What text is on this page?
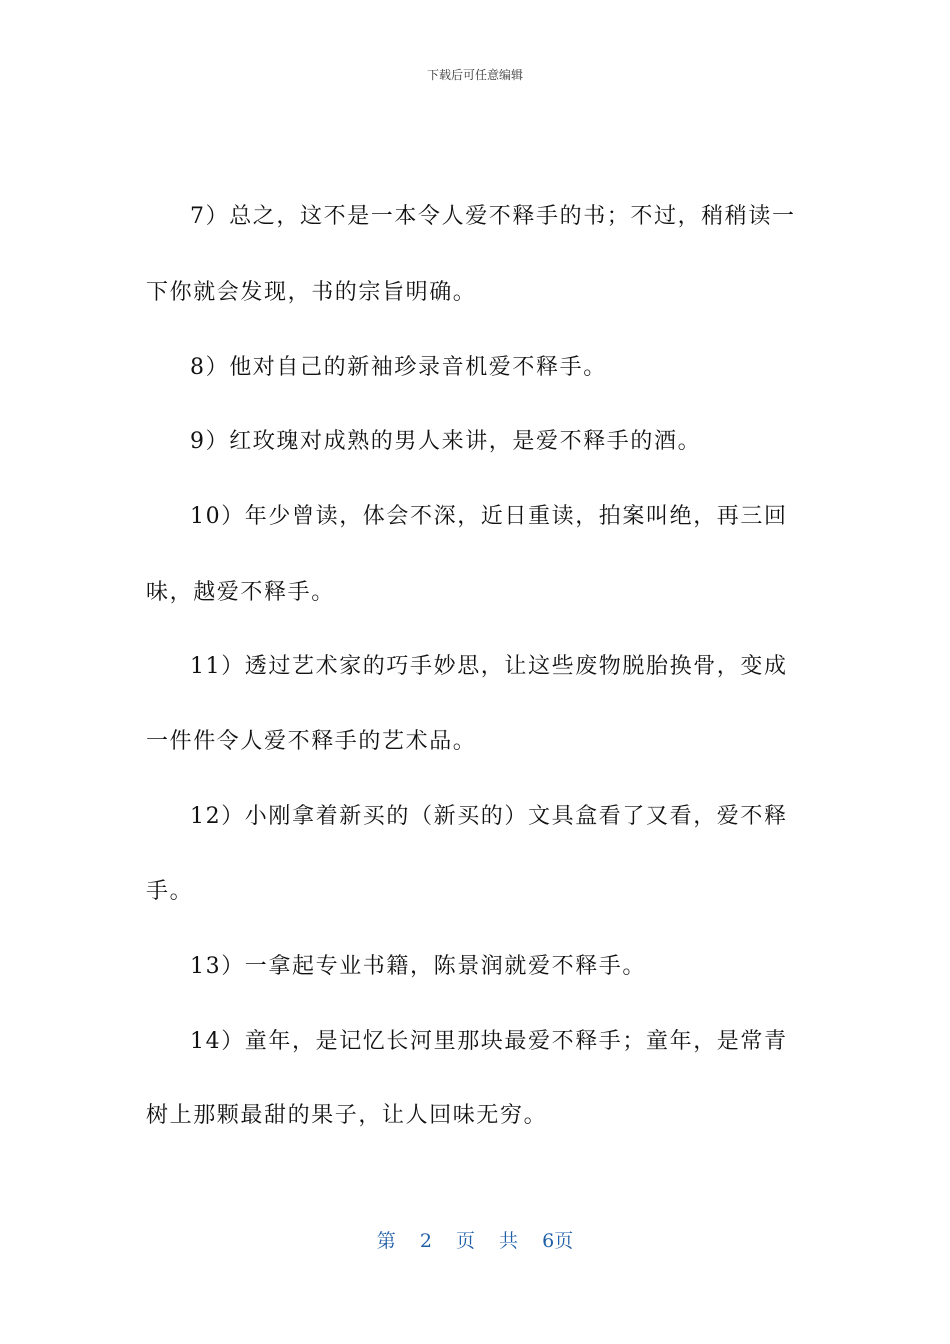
下载后可任意编辑
7）总之，这不是一本令人爱不释手的书；不过，稍稍读一
下你就会发现，书的宗旨明确。
8）他对自己的新袖珍录音机爱不释手。
9）红玫瑰对成熟的男人来讲，是爱不释手的酒。
10）年少曾读，体会不深，近日重读，拍案叫绝，再三回
味，越爱不释手。
11）透过艺术家的巧手妙思，让这些废物脱胎换骨，变成
一件件令人爱不释手的艺术品。
12）小刚拿着新买的（新买的）文具盒看了又看，爱不释
手。
13）一拿起专业书籍，陈景润就爱不释手。
14）童年，是记忆长河里那块最爱不释手；童年，是常青
树上那颗最甜的果子，让人回味无穷。
第 2 页 共 6页
